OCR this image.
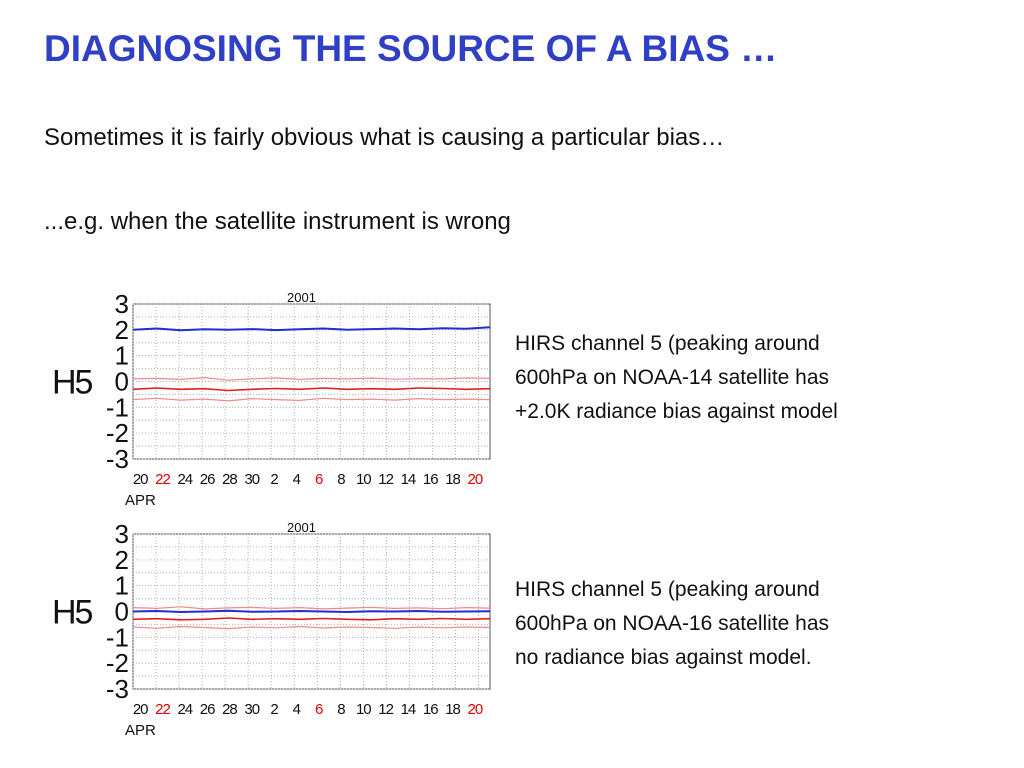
DIAGNOSING THE SOURCE OF A BIAS …

Sometimes it is fairly obvious what is causing a particular bias…

...e.g. when the satellite instrument is wrong

3
2
1
0
-1
-2
-3
H5
2001
20 22 24 26 28 30 2 4 6 8 10 12 14 16 18 20
APR
HIRS channel 5 (peaking around
600hPa on NOAA-14 satellite has
+2.0K radiance bias against model
3
2
1
0
-1
-2
-3
H5
2001
20 22 24 26 28 30 2 4 6 8 10 12 14 16 18 20
APR
HIRS channel 5 (peaking around
600hPa on NOAA-16 satellite has
no radiance bias against model.
